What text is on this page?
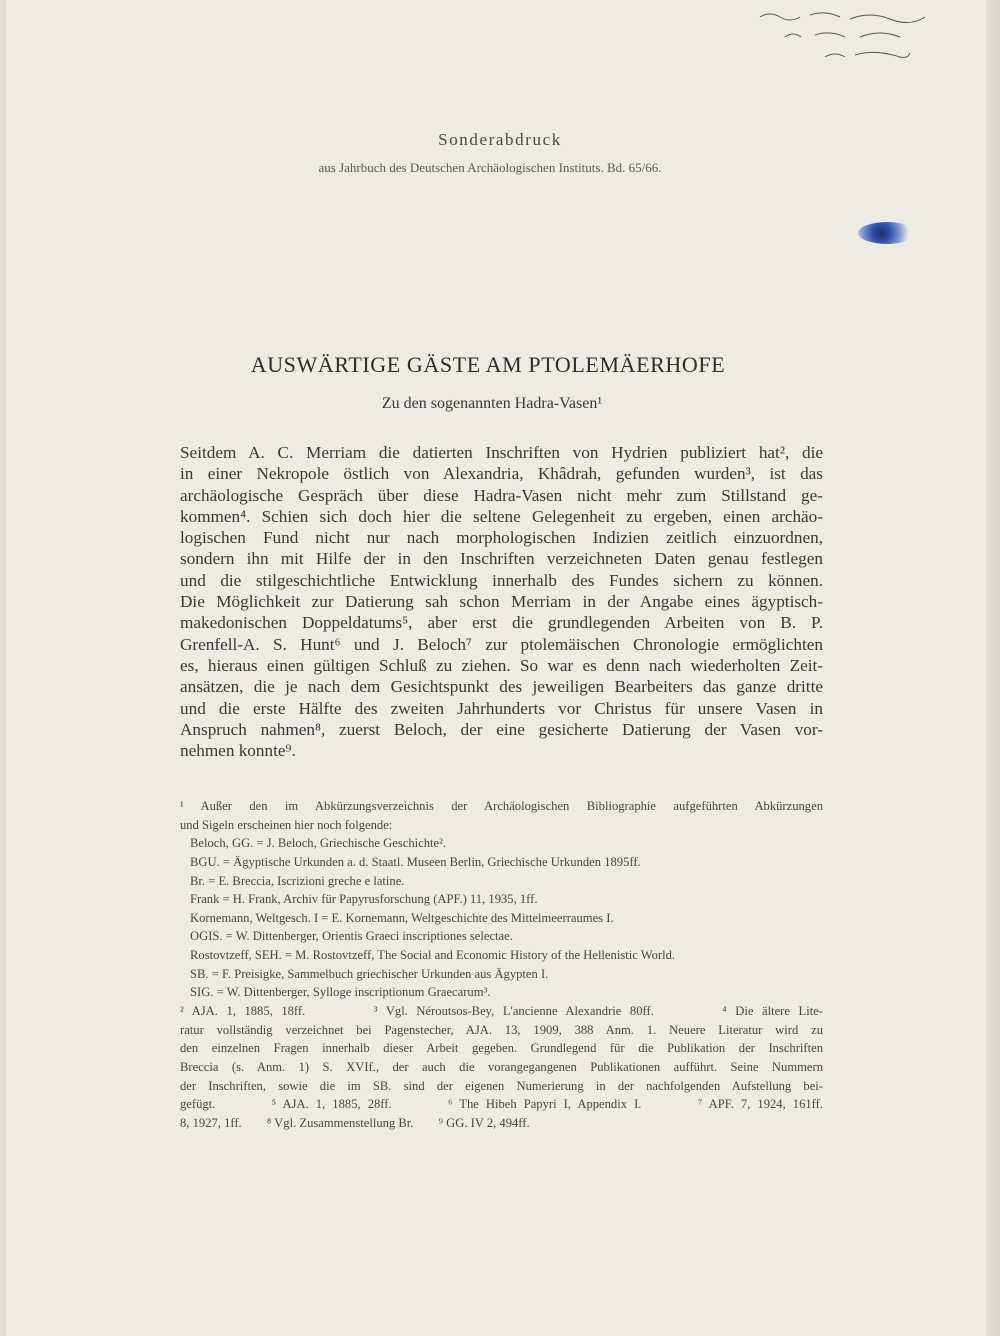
Sonderabdruck
aus Jahrbuch des Deutschen Archäologischen Instituts. Bd. 65/66.
AUSWÄRTIGE GÄSTE AM PTOLEMÄERHOFE
Zu den sogenannten Hadra-Vasen¹
Seitdem A. C. Merriam die datierten Inschriften von Hydrien publiziert hat², die
in einer Nekropole östlich von Alexandria, Khâdrah, gefunden wurden³, ist das
archäologische Gespräch über diese Hadra-Vasen nicht mehr zum Stillstand ge-
kommen⁴. Schien sich doch hier die seltene Gelegenheit zu ergeben, einen archäo-
logischen Fund nicht nur nach morphologischen Indizien zeitlich einzuordnen,
sondern ihn mit Hilfe der in den Inschriften verzeichneten Daten genau festlegen
und die stilgeschichtliche Entwicklung innerhalb des Fundes sichern zu können.
Die Möglichkeit zur Datierung sah schon Merriam in der Angabe eines ägyptisch-
makedonischen Doppeldatums⁵, aber erst die grundlegenden Arbeiten von B. P.
Grenfell-A. S. Hunt⁶ und J. Beloch⁷ zur ptolemäischen Chronologie ermöglichten
es, hieraus einen gültigen Schluß zu ziehen. So war es denn nach wiederholten Zeit-
ansätzen, die je nach dem Gesichtspunkt des jeweiligen Bearbeiters das ganze dritte
und die erste Hälfte des zweiten Jahrhunderts vor Christus für unsere Vasen in
Anspruch nahmen⁸, zuerst Beloch, der eine gesicherte Datierung der Vasen vor-
nehmen konnte⁹.
¹ Außer den im Abkürzungsverzeichnis der Archäologischen Bibliographie aufgeführten Abkürzungen
und Sigeln erscheinen hier noch folgende:
Beloch, GG. = J. Beloch, Griechische Geschichte².
BGU. = Ägyptische Urkunden a. d. Staatl. Museen Berlin, Griechische Urkunden 1895ff.
Br. = E. Breccia, Iscrizioni greche e latine.
Frank = H. Frank, Archiv für Papyrusforschung (APF.) 11, 1935, 1ff.
Kornemann, Weltgesch. I = E. Kornemann, Weltgeschichte des Mittelmeerraumes I.
OGIS. = W. Dittenberger, Orientis Graeci inscriptiones selectae.
Rostovtzeff, SEH. = M. Rostovtzeff, The Social and Economic History of the Hellenistic World.
SB. = F. Preisigke, Sammelbuch griechischer Urkunden aus Ägypten I.
SIG. = W. Dittenberger, Sylloge inscriptionum Graecarum³.
² AJA. 1, 1885, 18ff.        ³ Vgl. Néroutsos-Bey, L'ancienne Alexandrie 80ff.        ⁴ Die ältere Lite-
ratur vollständig verzeichnet bei Pagenstecher, AJA. 13, 1909, 388 Anm. 1. Neuere Literatur wird zu
den einzelnen Fragen innerhalb dieser Arbeit gegeben. Grundlegend für die Publikation der Inschriften
Breccia (s. Anm. 1) S. XVIf., der auch die vorangegangenen Publikationen aufführt. Seine Nummern
der Inschriften, sowie die im SB. sind der eigenen Numerierung in der nachfolgenden Aufstellung bei-
gefügt.        ⁵ AJA. 1, 1885, 28ff.        ⁶ The Hibeh Papyri I, Appendix I.        ⁷ APF. 7, 1924, 161ff.
8, 1927, 1ff.        ⁸ Vgl. Zusammenstellung Br.        ⁹ GG. IV 2, 494ff.
